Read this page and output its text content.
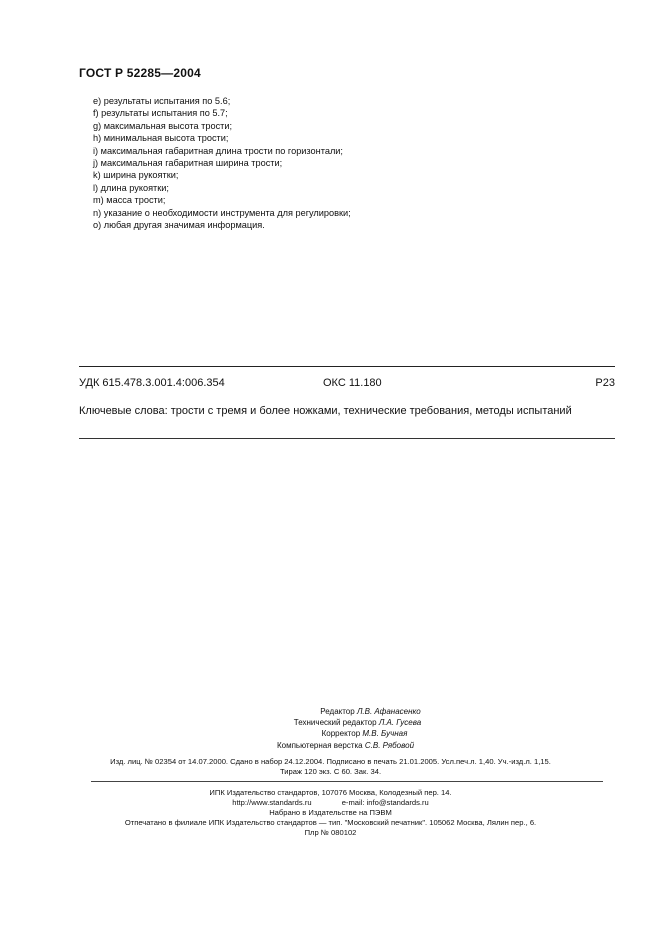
ГОСТ Р 52285—2004
e) результаты испытания по 5.6;
f) результаты испытания по 5.7;
g) максимальная высота трости;
h) минимальная высота трости;
i) максимальная габаритная длина трости по горизонтали;
j) максимальная габаритная ширина трости;
k) ширина рукоятки;
l) длина рукоятки;
m) масса трости;
n) указание о необходимости инструмента для регулировки;
o) любая другая значимая информация.
УДК 615.478.3.001.4:006.354	ОКС 11.180	Р23
Ключевые слова: трости с тремя и более ножками, технические требования, методы испытаний
Редактор Л.В. Афанасенко
Технический редактор Л.А. Гусева
Корректор М.В. Бучная
Компьютерная верстка С.В. Рябовой
Изд. лиц. № 02354 от 14.07.2000. Сдано в набор 24.12.2004. Подписано в печать 21.01.2005. Усл.печ.л. 1,40. Уч.-изд.л. 1,15.
Тираж 120 экз. С 60. Зак. 34.
ИПК Издательство стандартов, 107076 Москва, Колодезный пер. 14.
http://www.standards.ru	e-mail: info@standards.ru
Набрано в Издательстве на ПЭВМ
Отпечатано в филиале ИПК Издательство стандартов — тип. "Московский печатник". 105062 Москва, Лялин пер., 6.
Плр № 080102
